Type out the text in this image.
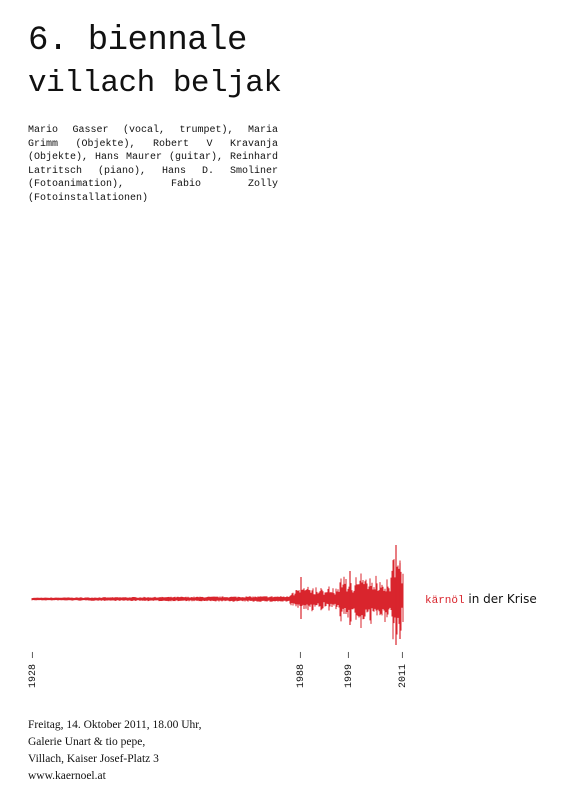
6. biennale
villach beljak

Mario Gasser (vocal, trumpet), Maria Grimm (Objekte), Robert V Kravanja (Objekte), Hans Maurer (guitar), Reinhard Latritsch (piano), Hans D. Smoliner (Fotoanimation), Fabio Zolly (Fotoinstallationen)

kärnöl in der Krise
1928 —	1988 —	1999 —	2011 —
Freitag, 14. Oktober 2011, 18.00 Uhr,
Galerie Unart & tio pepe,
Villach, Kaiser Josef-Platz 3
www.kaernoel.at
